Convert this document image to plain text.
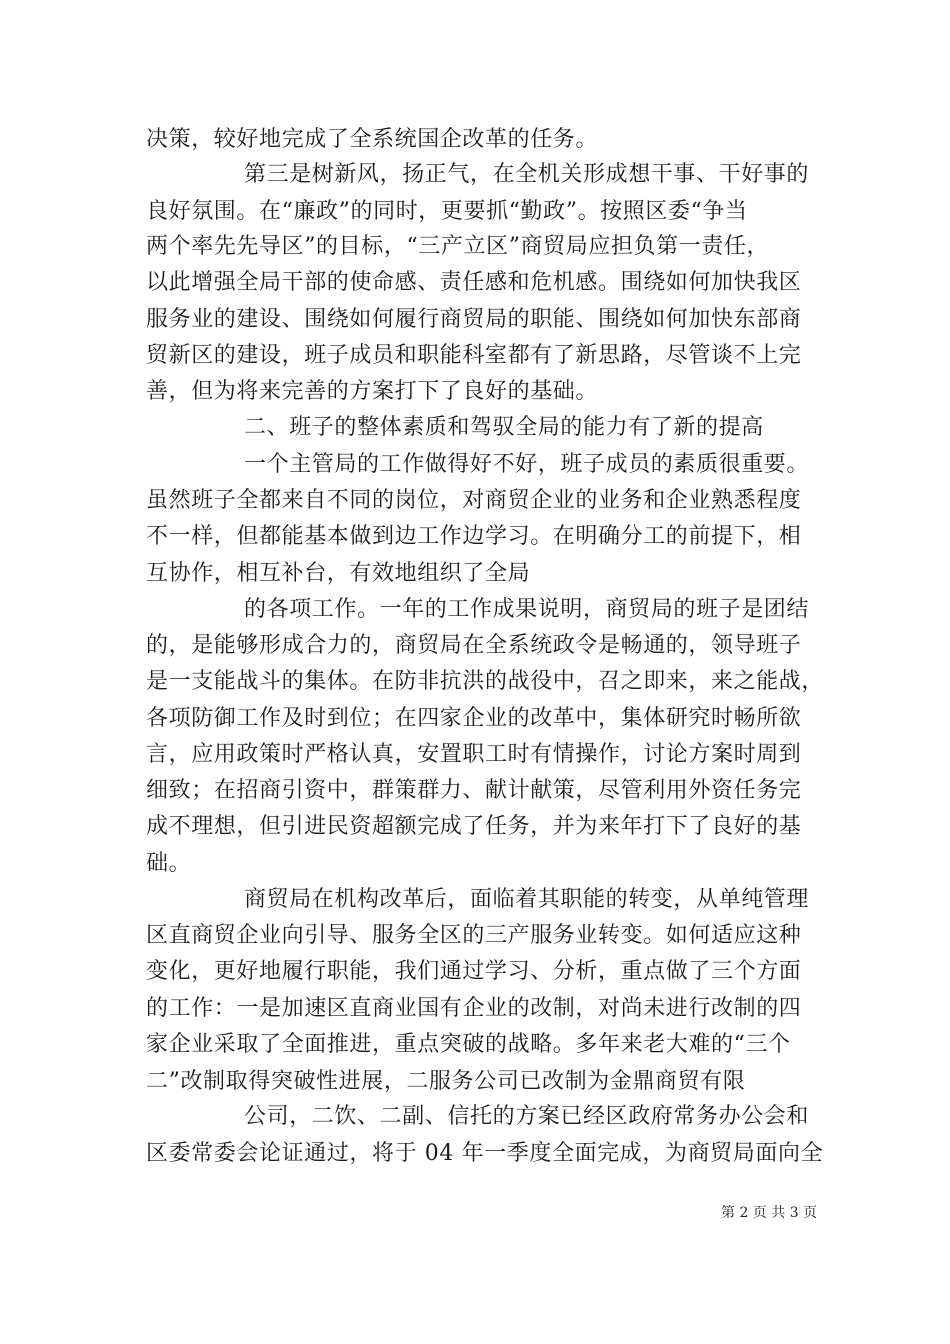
决策，较好地完成了全系统国企改革的任务。
第三是树新风，扬正气，在全机关形成想干事、干好事的
良好氛围。在“廉政”的同时，更要抓“勤政”。按照区委“争当
两个率先先导区”的目标，“三产立区”商贸局应担负第一责任，
以此增强全局干部的使命感、责任感和危机感。围绕如何加快我区
服务业的建设、围绕如何履行商贸局的职能、围绕如何加快东部商
贸新区的建设，班子成员和职能科室都有了新思路，尽管谈不上完
善，但为将来完善的方案打下了良好的基础。
二、班子的整体素质和驾驭全局的能力有了新的提高
一个主管局的工作做得好不好，班子成员的素质很重要。
虽然班子全都来自不同的岗位，对商贸企业的业务和企业熟悉程度
不一样，但都能基本做到边工作边学习。在明确分工的前提下，相
互协作，相互补台，有效地组织了全局
的各项工作。一年的工作成果说明，商贸局的班子是团结
的，是能够形成合力的，商贸局在全系统政令是畅通的，领导班子
是一支能战斗的集体。在防非抗洪的战役中，召之即来，来之能战，
各项防御工作及时到位；在四家企业的改革中，集体研究时畅所欲
言，应用政策时严格认真，安置职工时有情操作，讨论方案时周到
细致；在招商引资中，群策群力、献计献策，尽管利用外资任务完
成不理想，但引进民资超额完成了任务，并为来年打下了良好的基
础。
商贸局在机构改革后，面临着其职能的转变，从单纯管理
区直商贸企业向引导、服务全区的三产服务业转变。如何适应这种
变化，更好地履行职能，我们通过学习、分析，重点做了三个方面
的工作：一是加速区直商业国有企业的改制，对尚未进行改制的四
家企业采取了全面推进，重点突破的战略。多年来老大难的“三个
二”改制取得突破性进展，二服务公司已改制为金鼎商贸有限
公司，二饮、二副、信托的方案已经区政府常务办公会和
区委常委会论证通过，将于 04 年一季度全面完成，为商贸局面向全
第 2 页 共 3 页
